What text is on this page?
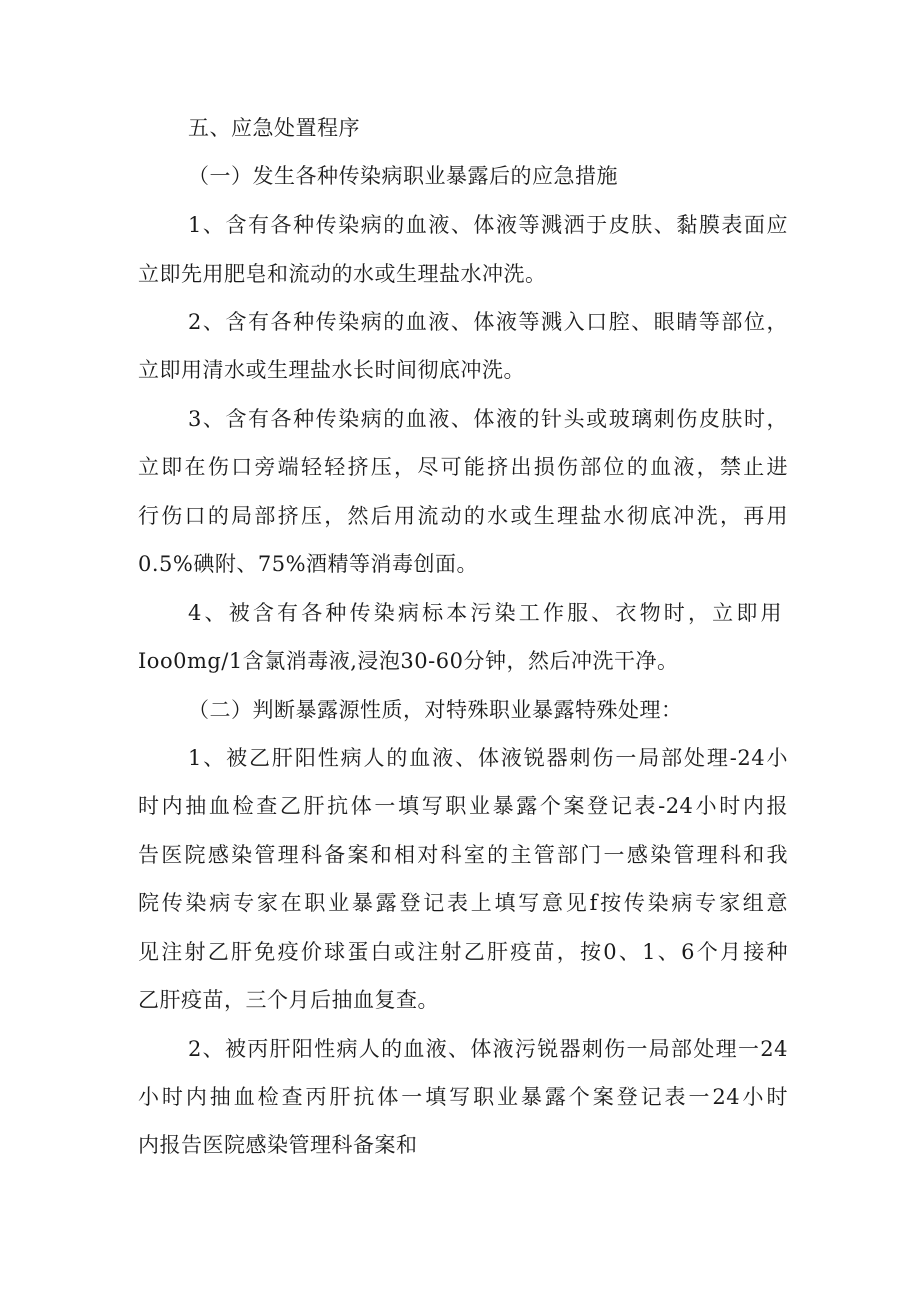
五、应急处置程序
（一）发生各种传染病职业暴露后的应急措施
1、含有各种传染病的血液、体液等溅洒于皮肤、黏膜表面应
立即先用肥皂和流动的水或生理盐水冲洗。
2、含有各种传染病的血液、体液等溅入口腔、眼睛等部位，
立即用清水或生理盐水长时间彻底冲洗。
3、含有各种传染病的血液、体液的针头或玻璃刺伤皮肤时，
立即在伤口旁端轻轻挤压，尽可能挤出损伤部位的血液，禁止进
行伤口的局部挤压，然后用流动的水或生理盐水彻底冲洗，再用
0.5%碘附、75%酒精等消毒创面。
4、被含有各种传染病标本污染工作服、衣物时，立即用
Ioo0mg/1含氯消毒液,浸泡30-60分钟，然后冲洗干净。
（二）判断暴露源性质，对特殊职业暴露特殊处理：
1、被乙肝阳性病人的血液、体液锐器刺伤一局部处理-24小
时内抽血检查乙肝抗体一填写职业暴露个案登记表-24小时内报
告医院感染管理科备案和相对科室的主管部门一感染管理科和我
院传染病专家在职业暴露登记表上填写意见f按传染病专家组意
见注射乙肝免疫价球蛋白或注射乙肝疫苗，按0、1、6个月接种
乙肝疫苗，三个月后抽血复查。
2、被丙肝阳性病人的血液、体液污锐器刺伤一局部处理一24
小时内抽血检查丙肝抗体一填写职业暴露个案登记表一24小时
内报告医院感染管理科备案和
